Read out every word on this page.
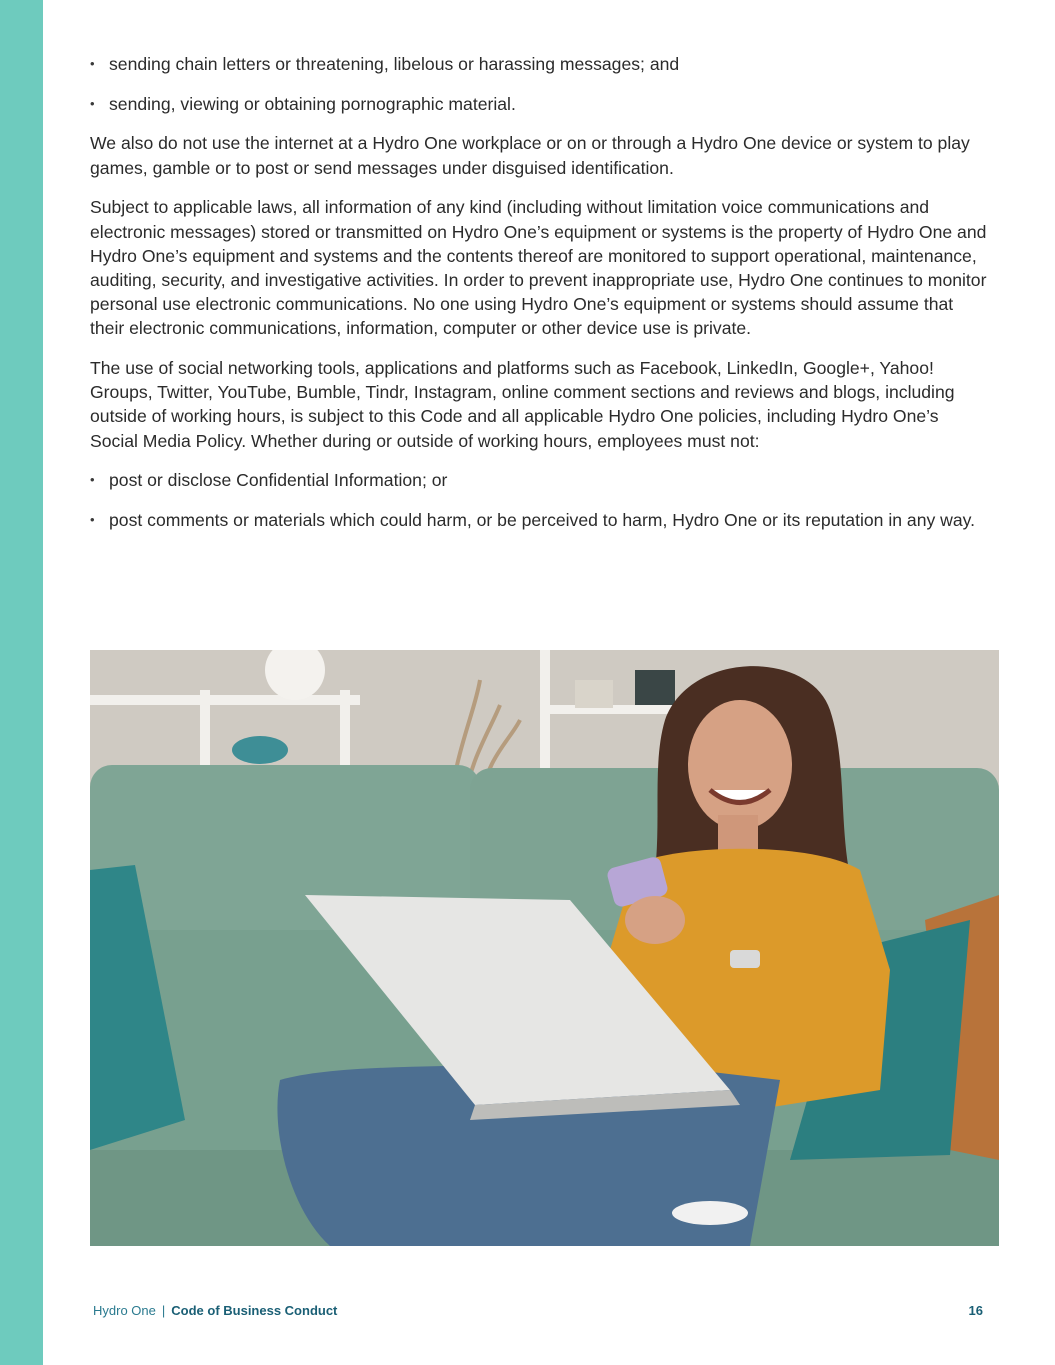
• sending chain letters or threatening, libelous or harassing messages; and
• sending, viewing or obtaining pornographic material.

We also do not use the internet at a Hydro One workplace or on or through a Hydro One device or system to play games, gamble or to post or send messages under disguised identification.

Subject to applicable laws, all information of any kind (including without limitation voice communications and electronic messages) stored or transmitted on Hydro One’s equipment or systems is the property of Hydro One and Hydro One’s equipment and systems and the contents thereof are monitored to support operational, maintenance, auditing, security, and investigative activities. In order to prevent inappropriate use, Hydro One continues to monitor personal use electronic communications. No one using Hydro One’s equipment or systems should assume that their electronic communications, information, computer or other device use is private.

The use of social networking tools, applications and platforms such as Facebook, LinkedIn, Google+, Yahoo! Groups, Twitter, YouTube, Bumble, Tindr, Instagram, online comment sections and reviews and blogs, including outside of working hours, is subject to this Code and all applicable Hydro One policies, including Hydro One’s Social Media Policy. Whether during or outside of working hours, employees must not:

• post or disclose Confidential Information; or
• post comments or materials which could harm, or be perceived to harm, Hydro One or its reputation in any way.
Hydro One | Code of Business Conduct	16
